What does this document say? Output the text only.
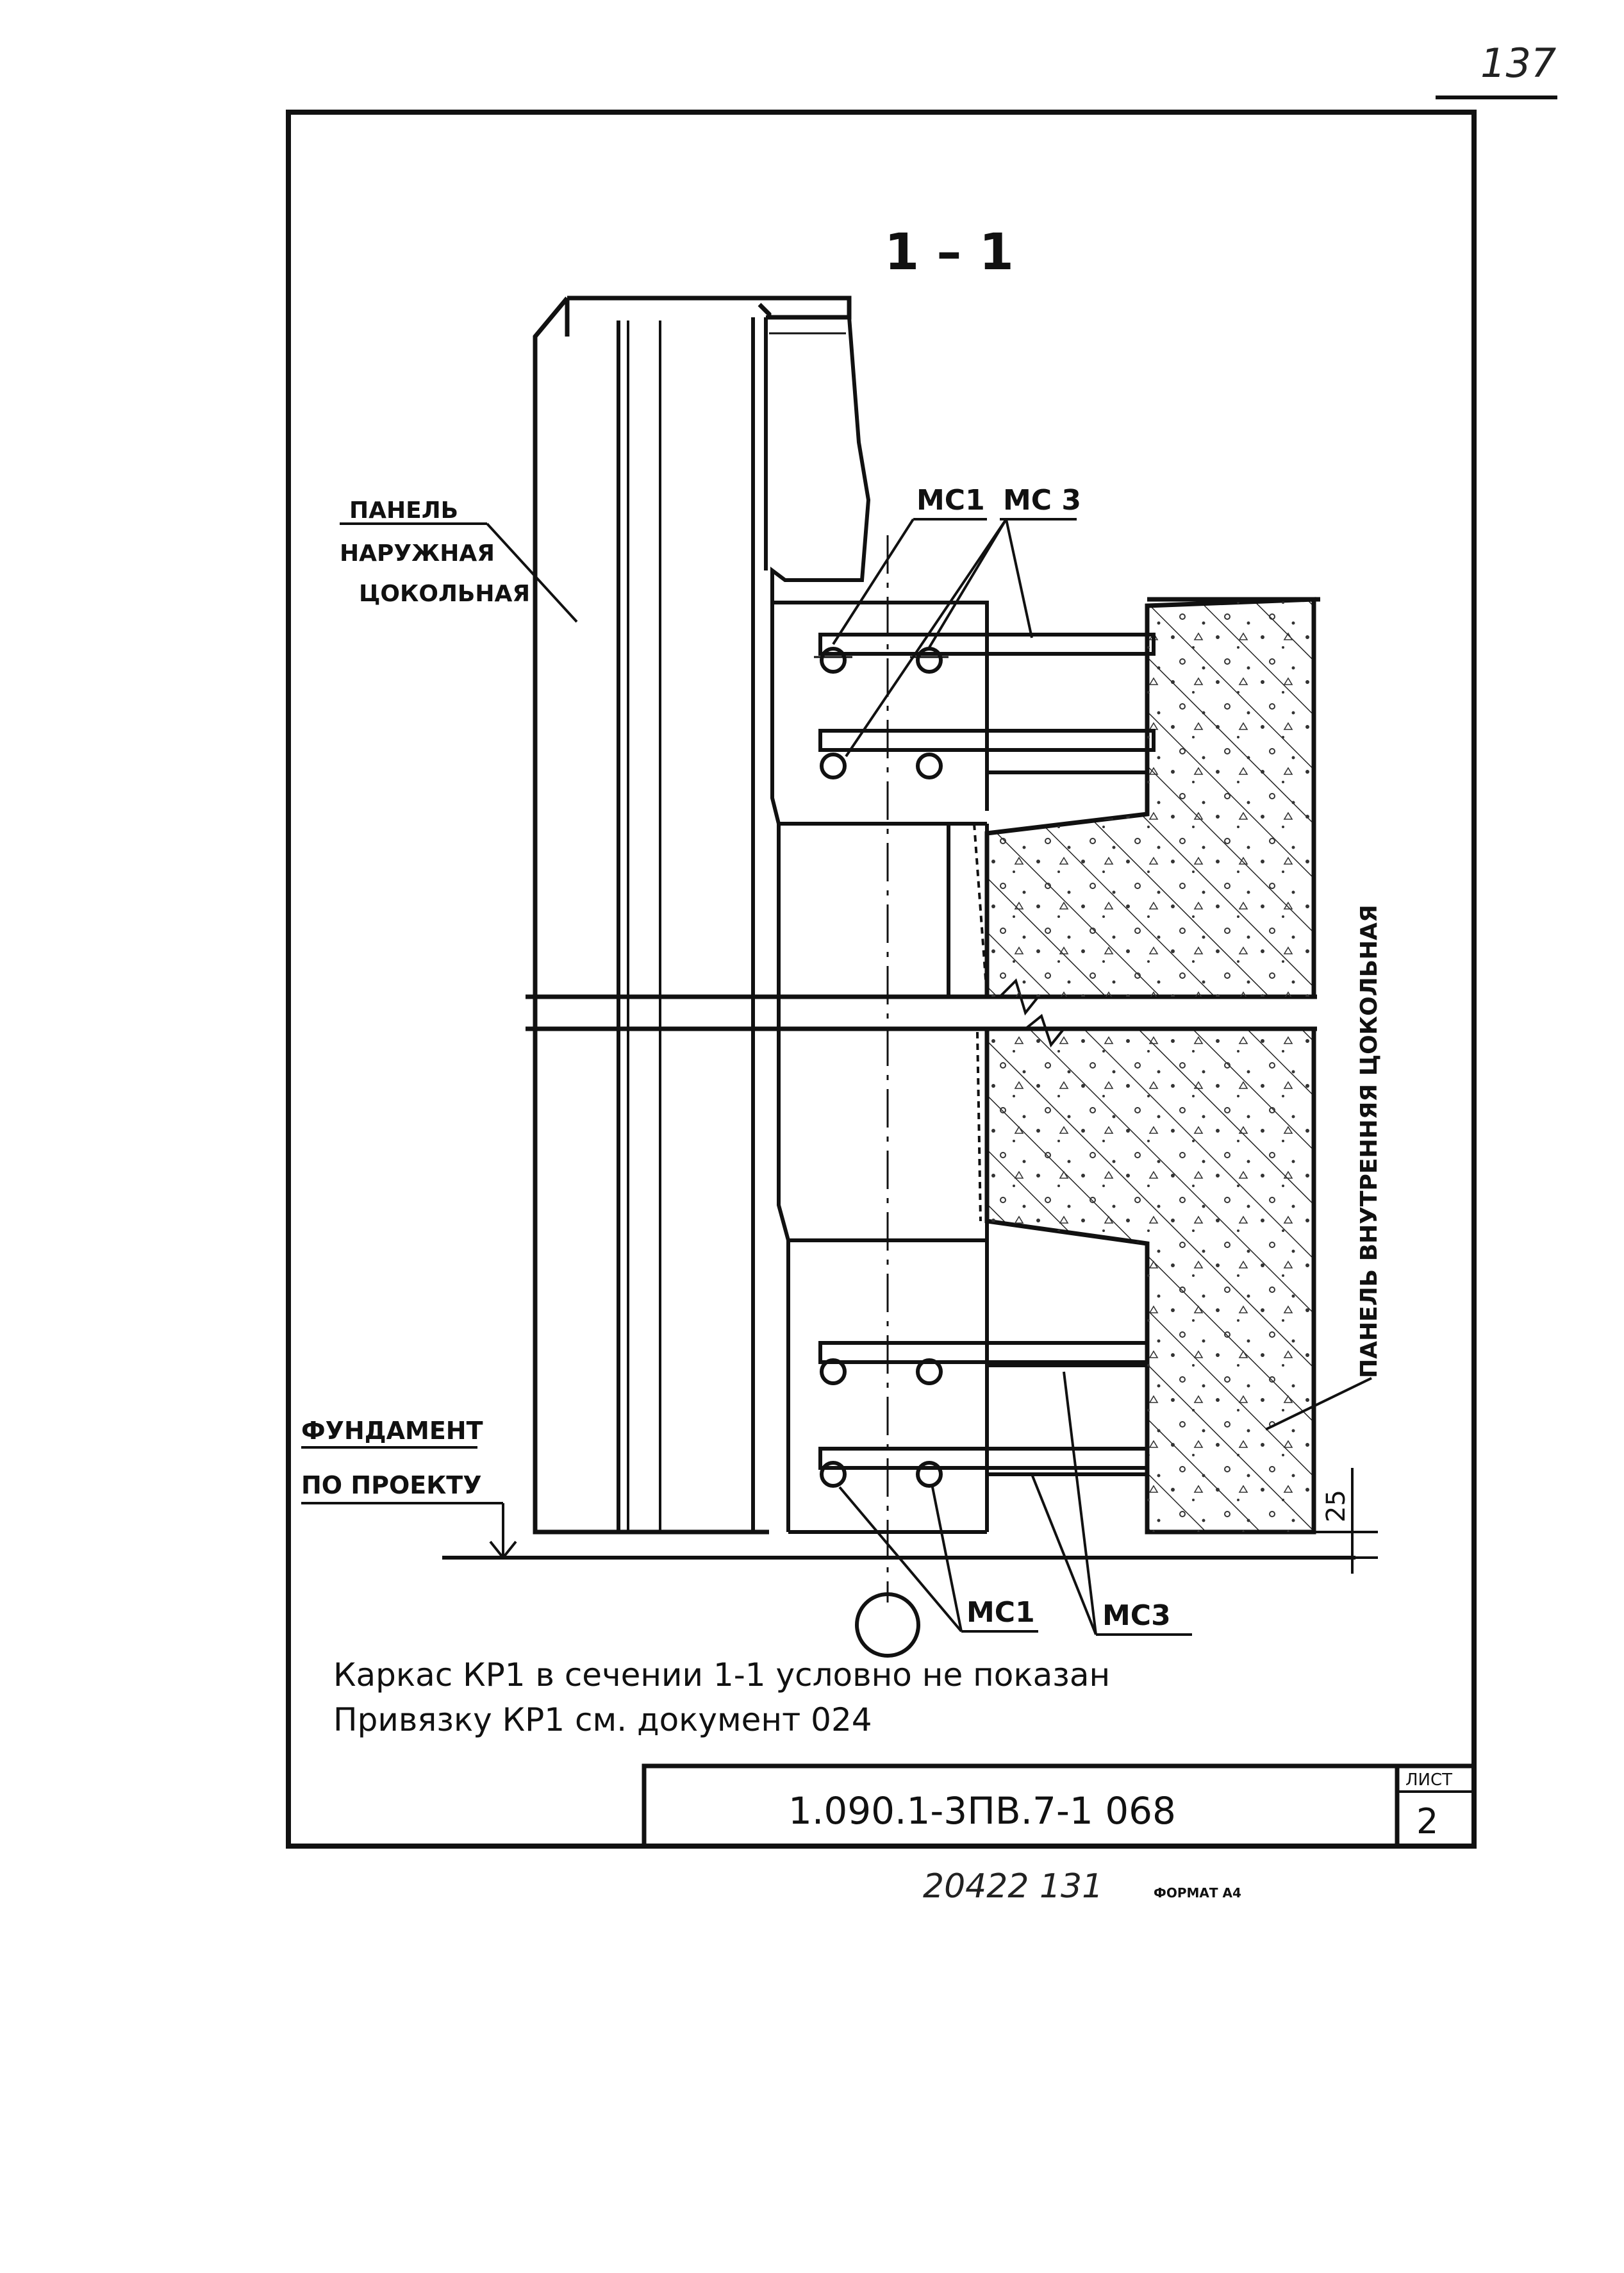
137
1 – 1
25
ПАНЕЛЬ
НАРУЖНАЯ
ЦОКОЛЬНАЯ
МС1 МС 3
МС1 МС3
ПАНЕЛЬ ВНУТРЕННЯЯ ЦОКОЛЬНАЯ
ФУНДАМЕНТ
ПО ПРОЕКТУ
Каркас КР1 в сечении 1-1 условно не показан
Привязку КР1 см. документ 024
1.090.1-3ПВ.7-1 068
ЛИСТ
2
20422 131	ФОРМАТ А4
